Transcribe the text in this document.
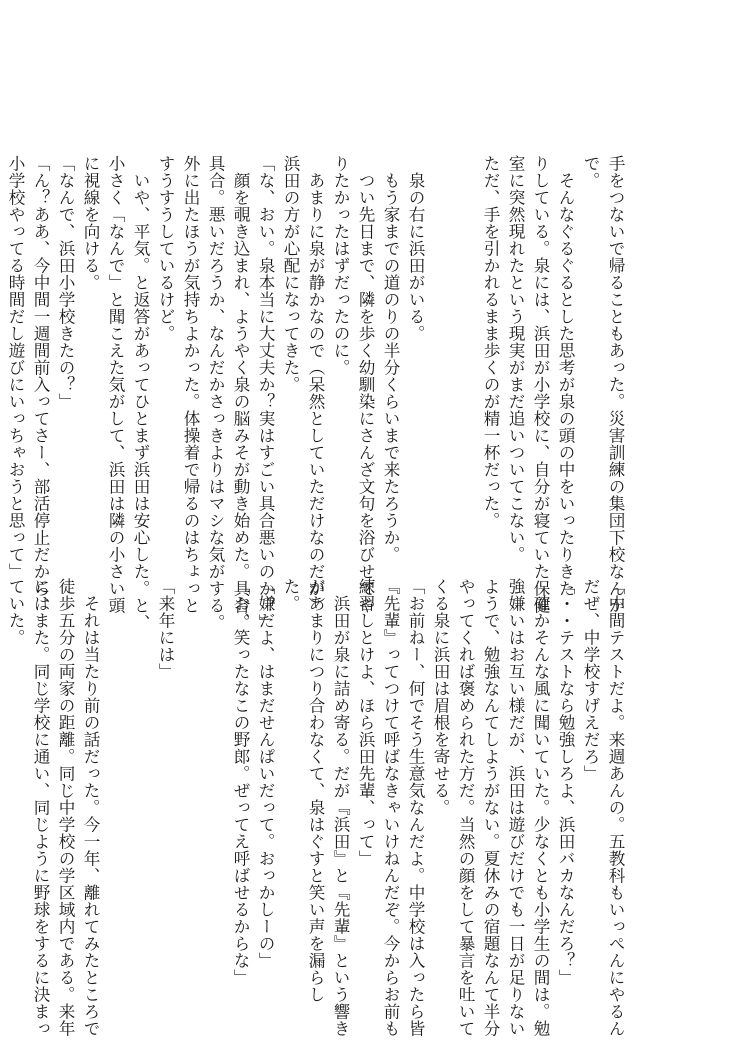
手をつないで帰ることもあった。災害訓練の集団下校なんか
で。
　そんなぐるぐるとした思考が泉の頭の中をいったりきた
りしている。泉には、浜田が小学校に、自分が寝ていた保健
室に突然現れたという現実がまだ追いついてこない。
ただ、手を引かれるまま歩くのが精一杯だった。

　泉の右に浜田がいる。
　もう家までの道のりの半分くらいまで来たろうか。
　つい先日まで、隣を歩く幼馴染にさんざ文句を浴びせてや
りたかったはずだったのに。
　あまりに泉が静かなので（呆然としていただけなのだが）
浜田の方が心配になってきた。
「な、おい。泉本当に大丈夫か？実はすごい具合悪いのか？」
　顔を覗き込まれ、ようやく泉の脳みそが動き始めた。具合。
具合。悪いだろうか、なんだかさっきよりはマシな気がする。
外に出たほうが気持ちよかった。体操着で帰るのはちょっと
すうすうしているけど。
　いや、平気。と返答があってひとまず浜田は安心した。と、
小さく「なんで」と聞こえた気がして、浜田は隣の小さい頭
に視線を向ける。
「なんで、浜田小学校きたの？」
「ん？ああ、今中間一週間前入ってさー、部活停止だから、
小学校やってる時間だし遊びにいっちゃおうと思って」
「中間テストだよ。来週あんの。五教科もいっぺんにやるん
だぜ、中学校すげえだろ」
「・・テストなら勉強しろよ、浜田バカなんだろ？」
　確かそんな風に聞いていた。少なくとも小学生の間は。勉
強嫌いはお互い様だが、浜田は遊びだけでも一日が足りない
ようで、勉強なんてしようがない。夏休みの宿題なんて半分
やってくれば褒められた方だ。当然の顔をして暴言を吐いて
くる泉に浜田は眉根を寄せる。
「お前ねー、何でそう生意気なんだよ。中学校は入ったら皆
『先輩』ってつけて呼ばなきゃいけねんだぞ。今からお前も
練習しとけよ、ほら浜田先輩、って」
　浜田が泉に詰め寄る。だが『浜田』と『先輩』という響き
があまりにつり合わなくて、泉はぐすと笑い声を漏らし
た。
「嫌だよ、はまだせんぱいだって。おっかしーの」
「お、笑ったなこの野郎。ぜってえ呼ばせるからな」

「来年には」

　それは当たり前の話だった。今一年、離れてみたところで
徒歩五分の両家の距離。同じ中学校の学区域内である。来年
にはまた。同じ学校に通い、同じように野球をするに決まっ
ていた。
